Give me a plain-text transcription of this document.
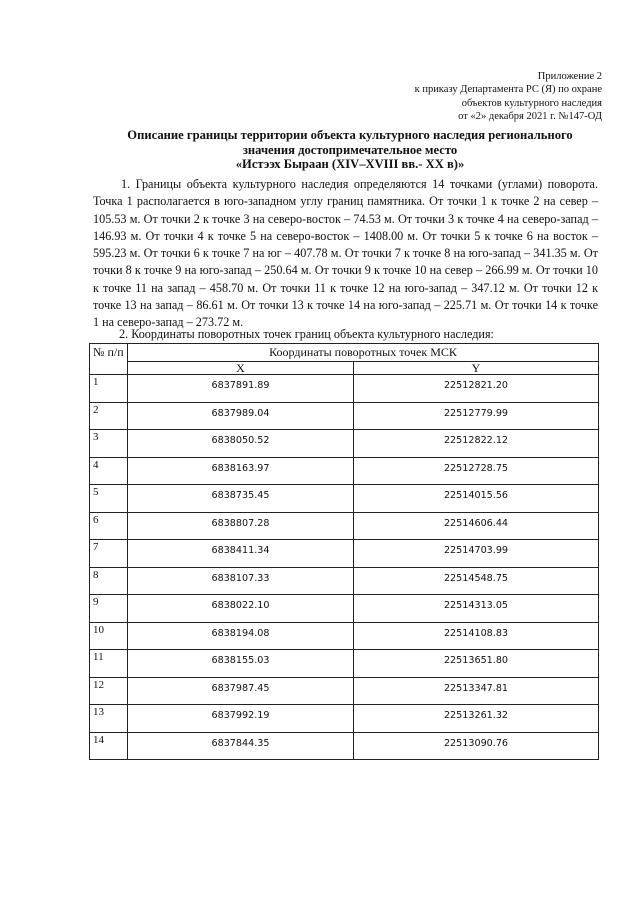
Приложение 2
к приказу Департамента РС (Я) по охране
объектов культурного наследия
от «2» декабря 2021 г. №147-ОД
Описание границы территории объекта культурного наследия регионального
значения достопримечательное место
«Истээх Быраан (XIV–XVIII вв.- XX в)»
1. Границы объекта культурного наследия определяются 14 точками (углами) поворота. Точка 1 располагается в юго-западном углу границ памятника. От точки 1 к точке 2 на север – 105.53 м. От точки 2 к точке 3 на северо-восток – 74.53 м. От точки 3 к точке 4 на северо-запад – 146.93 м. От точки 4 к точке 5 на северо-восток – 1408.00 м. От точки 5 к точке 6 на восток – 595.23 м. От точки 6 к точке 7 на юг – 407.78 м. От точки 7 к точке 8 на юго-запад – 341.35 м. От точки 8 к точке 9 на юго-запад – 250.64 м. От точки 9 к точке 10 на север – 266.99 м. От точки 10 к точке 11 на запад – 458.70 м. От точки 11 к точке 12 на юго-запад – 347.12 м. От точки 12 к точке 13 на запад – 86.61 м. От точки 13 к точке 14 на юго-запад – 225.71 м. От точки 14 к точке 1 на северо-запад – 273.72 м.
2. Координаты поворотных точек границ объекта культурного наследия:
№ п/п	Координаты поворотных точек МСК	
	X	Y
1	6837891.89	22512821.20
2	6837989.04	22512779.99
3	6838050.52	22512822.12
4	6838163.97	22512728.75
5	6838735.45	22514015.56
6	6838807.28	22514606.44
7	6838411.34	22514703.99
8	6838107.33	22514548.75
9	6838022.10	22514313.05
10	6838194.08	22514108.83
11	6838155.03	22513651.80
12	6837987.45	22513347.81
13	6837992.19	22513261.32
14	6837844.35	22513090.76
